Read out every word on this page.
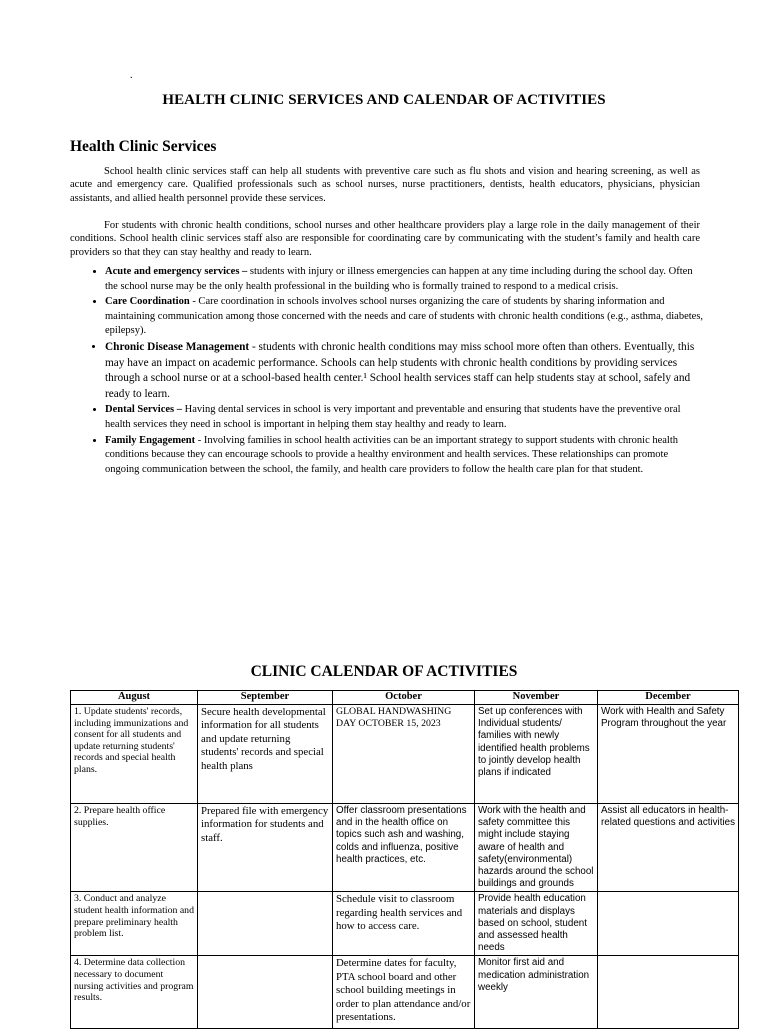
.
HEALTH CLINIC SERVICES AND CALENDAR OF ACTIVITIES
Health Clinic Services
School health clinic services staff can help all students with preventive care such as flu shots and vision and hearing screening, as well as acute and emergency care. Qualified professionals such as school nurses, nurse practitioners, dentists, health educators, physicians, physician assistants, and allied health personnel provide these services.
For students with chronic health conditions, school nurses and other healthcare providers play a large role in the daily management of their conditions. School health clinic services staff also are responsible for coordinating care by communicating with the student’s family and health care providers so that they can stay healthy and ready to learn.
• Acute and emergency services – students with injury or illness emergencies can happen at any time including during the school day. Often the school nurse may be the only health professional in the building who is formally trained to respond to a medical crisis.
• Care Coordination - Care coordination in schools involves school nurses organizing the care of students by sharing information and maintaining communication among those concerned with the needs and care of students with chronic health conditions (e.g., asthma, diabetes, epilepsy).
• Chronic Disease Management - students with chronic health conditions may miss school more often than others. Eventually, this may have an impact on academic performance. Schools can help students with chronic health conditions by providing services through a school nurse or at a school-based health center.¹ School health services staff can help students stay at school, safely and ready to learn.
• Dental Services – Having dental services in school is very important and preventable and ensuring that students have the preventive oral health services they need in school is important in helping them stay healthy and ready to learn.
• Family Engagement - Involving families in school health activities can be an important strategy to support students with chronic health conditions because they can encourage schools to provide a healthy environment and health services. These relationships can promote ongoing communication between the school, the family, and health care providers to follow the health care plan for that student.
CLINIC CALENDAR OF ACTIVITIES
August	September	October	November	December
1. Update students' records, including immunizations and consent for all students and update returning students' records and special health plans.	Secure health developmental information for all students and update returning students' records and special health plans	GLOBAL HANDWASHING DAY OCTOBER 15, 2023	Set up conferences with Individual students/ families with newly identified health problems to jointly develop health plans if indicated	Work with Health and Safety Program throughout the year
2. Prepare health office supplies.	Prepared file with emergency information for students and staff.	Offer classroom presentations and in the health office on topics such ash and washing, colds and influenza, positive health practices, etc.	Work with the health and safety committee this might include staying aware of health and safety(environmental) hazards around the school buildings and grounds	Assist all educators in health-related questions and activities
3. Conduct and analyze student health information and prepare preliminary health problem list.		Schedule visit to classroom regarding health services and how to access care.	Provide health education materials and displays based on school, student and assessed health needs	
4. Determine data collection necessary to document nursing activities and program results.		Determine dates for faculty, PTA school board and other school building meetings in order to plan attendance and/or presentations.	Monitor first aid and medication administration weekly	
